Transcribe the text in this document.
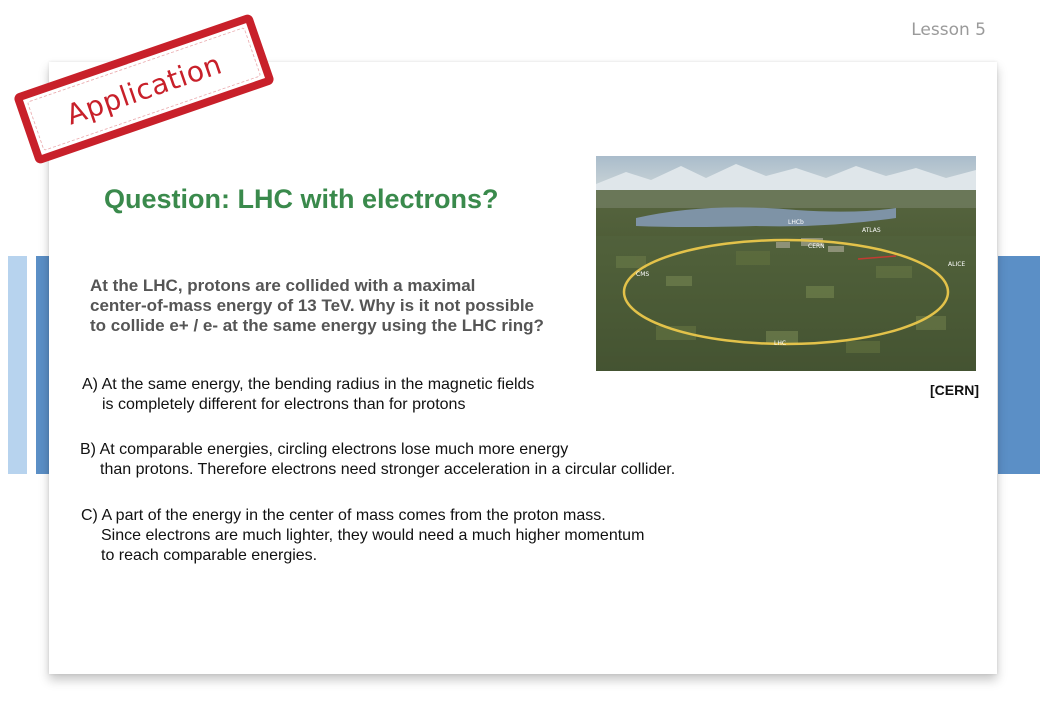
Lesson 5
Application
Question: LHC with electrons?
At the LHC, protons are collided with a maximal
center-of-mass energy of 13 TeV. Why is it not possible
to collide e+ / e- at the same energy using the LHC ring?
A) At the same energy, the bending radius in the magnetic fields
is completely different for electrons than for protons
B) At comparable energies, circling electrons lose much more energy
than protons. Therefore electrons need stronger acceleration in a circular collider.
C) A part of the energy in the center of mass comes from the proton mass.
Since electrons are much lighter, they would need a much higher momentum
to reach comparable energies.
CMS
ATLAS
ALICE
LHCb
CERN
LHC
[CERN]
